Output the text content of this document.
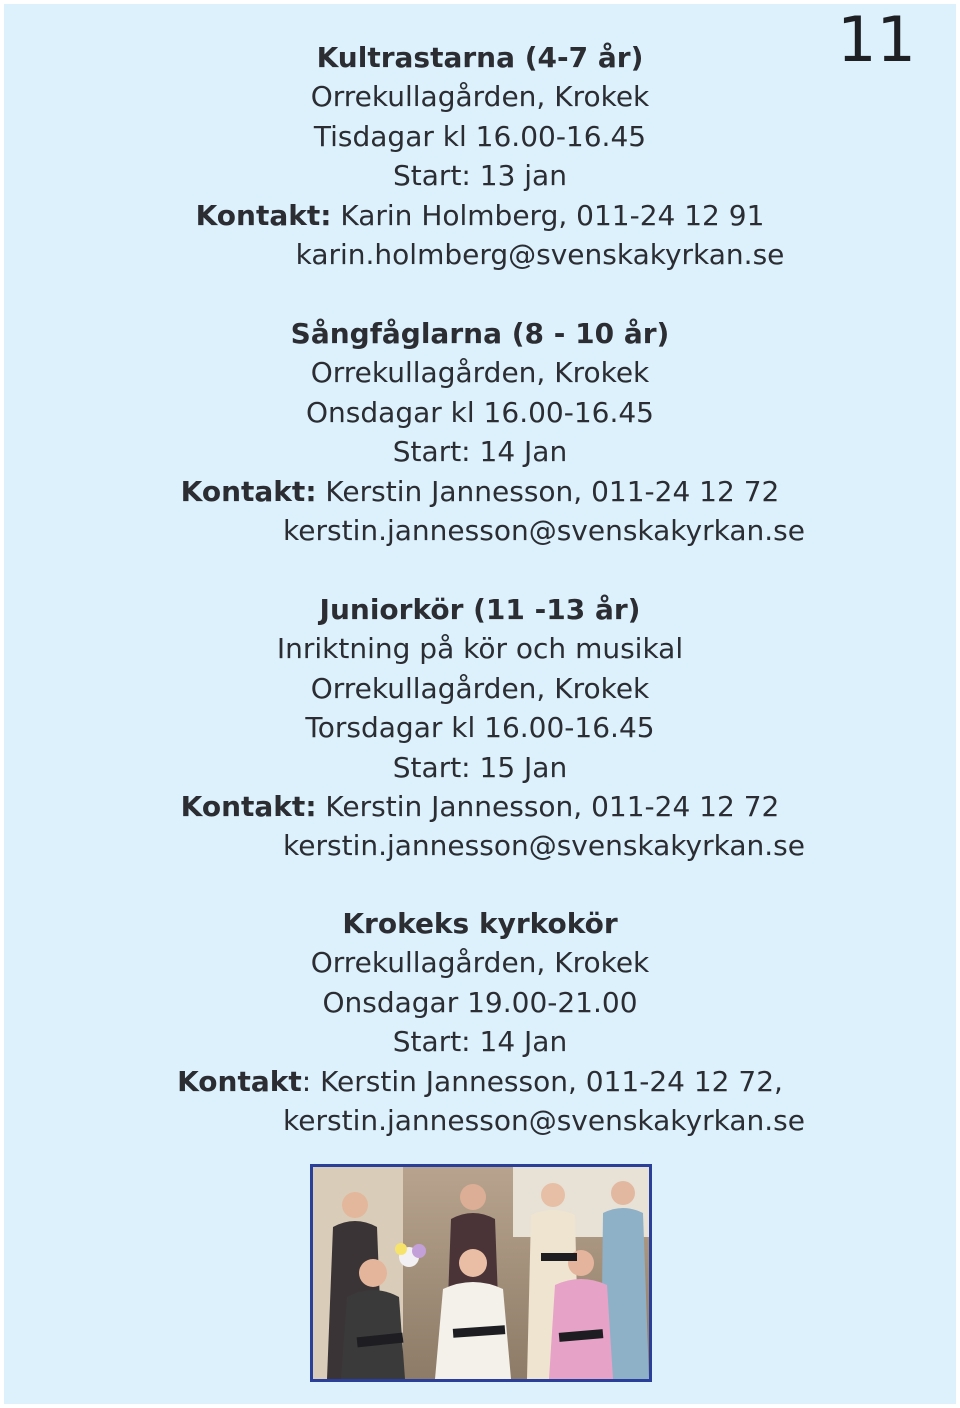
11
Kultrastarna (4-7 år)
Orrekullagården, Krokek
Tisdagar kl 16.00-16.45
Start: 13 jan
Kontakt: Karin Holmberg, 011-24 12 91
karin.holmberg@svenskakyrkan.se
Sångfåglarna (8 - 10 år)
Orrekullagården, Krokek
Onsdagar kl 16.00-16.45
Start: 14 Jan
Kontakt: Kerstin Jannesson, 011-24 12 72
kerstin.jannesson@svenskakyrkan.se
Juniorkör (11 -13 år)
Inriktning på kör och musikal
Orrekullagården, Krokek
Torsdagar kl 16.00-16.45
Start: 15 Jan
Kontakt: Kerstin Jannesson, 011-24 12 72
kerstin.jannesson@svenskakyrkan.se
Krokeks kyrkokör
Orrekullagården, Krokek
Onsdagar 19.00-21.00
Start: 14 Jan
Kontakt: Kerstin Jannesson, 011-24 12 72,
kerstin.jannesson@svenskakyrkan.se
